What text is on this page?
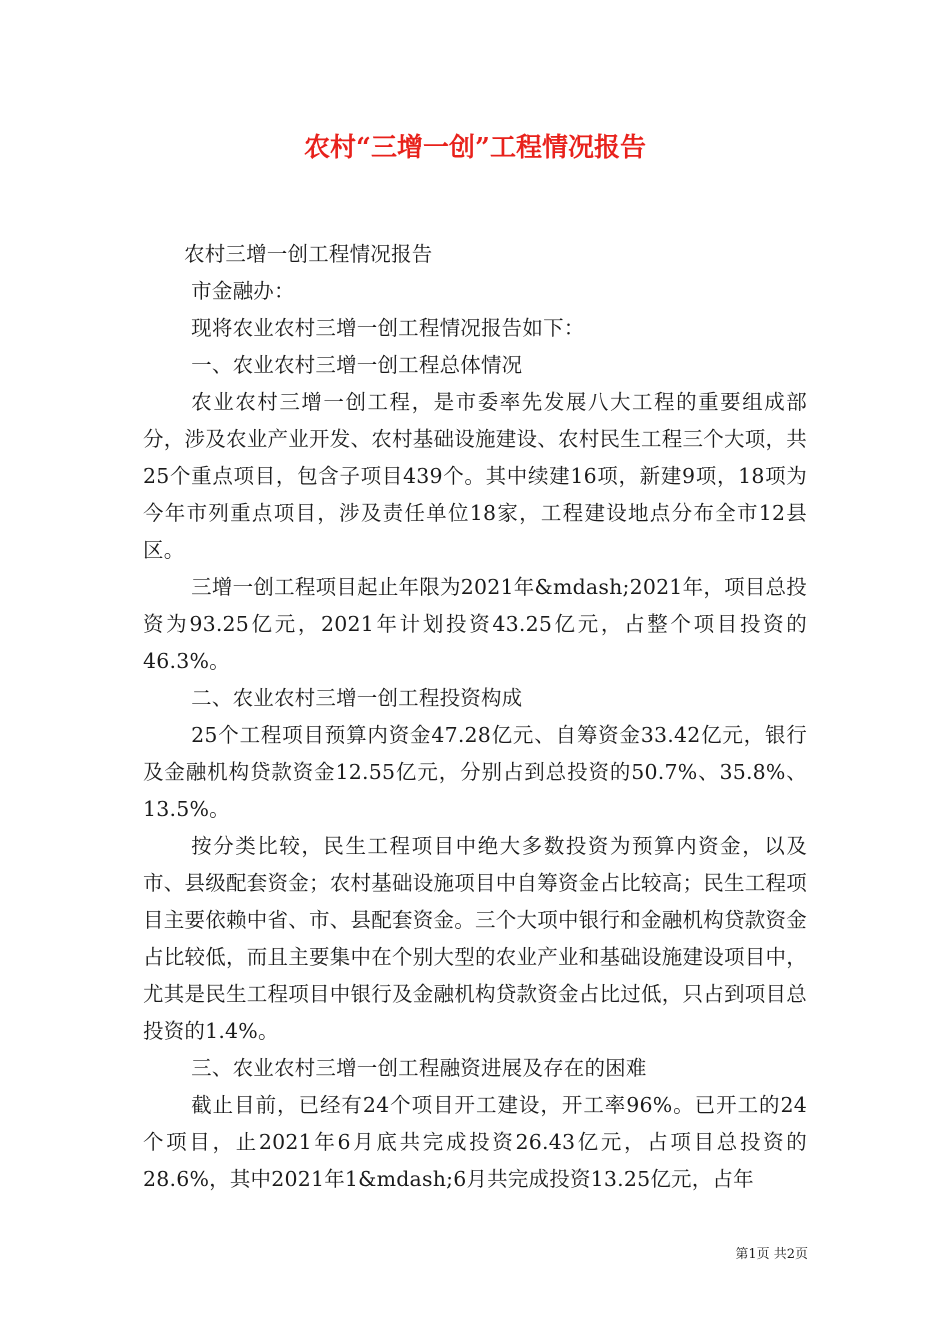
农村“三增一创”工程情况报告

农村三增一创工程情况报告

市金融办：

现将农业农村三增一创工程情况报告如下：

一、农业农村三增一创工程总体情况

农业农村三增一创工程，是市委率先发展八大工程的重要组成部分，涉及农业产业开发、农村基础设施建设、农村民生工程三个大项，共25个重点项目，包含子项目439个。其中续建16项，新建9项，18项为今年市列重点项目，涉及责任单位18家，工程建设地点分布全市12县区。

三增一创工程项目起止年限为2021年&mdash;2021年，项目总投资为93.25亿元，2021年计划投资43.25亿元，占整个项目投资的46.3%。

二、农业农村三增一创工程投资构成

25个工程项目预算内资金47.28亿元、自筹资金33.42亿元，银行及金融机构贷款资金12.55亿元，分别占到总投资的50.7%、35.8%、13.5%。

按分类比较，民生工程项目中绝大多数投资为预算内资金，以及市、县级配套资金；农村基础设施项目中自筹资金占比较高；民生工程项目主要依赖中省、市、县配套资金。三个大项中银行和金融机构贷款资金占比较低，而且主要集中在个别大型的农业产业和基础设施建设项目中，尤其是民生工程项目中银行及金融机构贷款资金占比过低，只占到项目总投资的1.4%。

三、农业农村三增一创工程融资进展及存在的困难

截止目前，已经有24个项目开工建设，开工率96%。已开工的24个项目，止2021年6月底共完成投资26.43亿元，占项目总投资的28.6%，其中2021年1&mdash;6月共完成投资13.25亿元，占年

第1页 共2页
